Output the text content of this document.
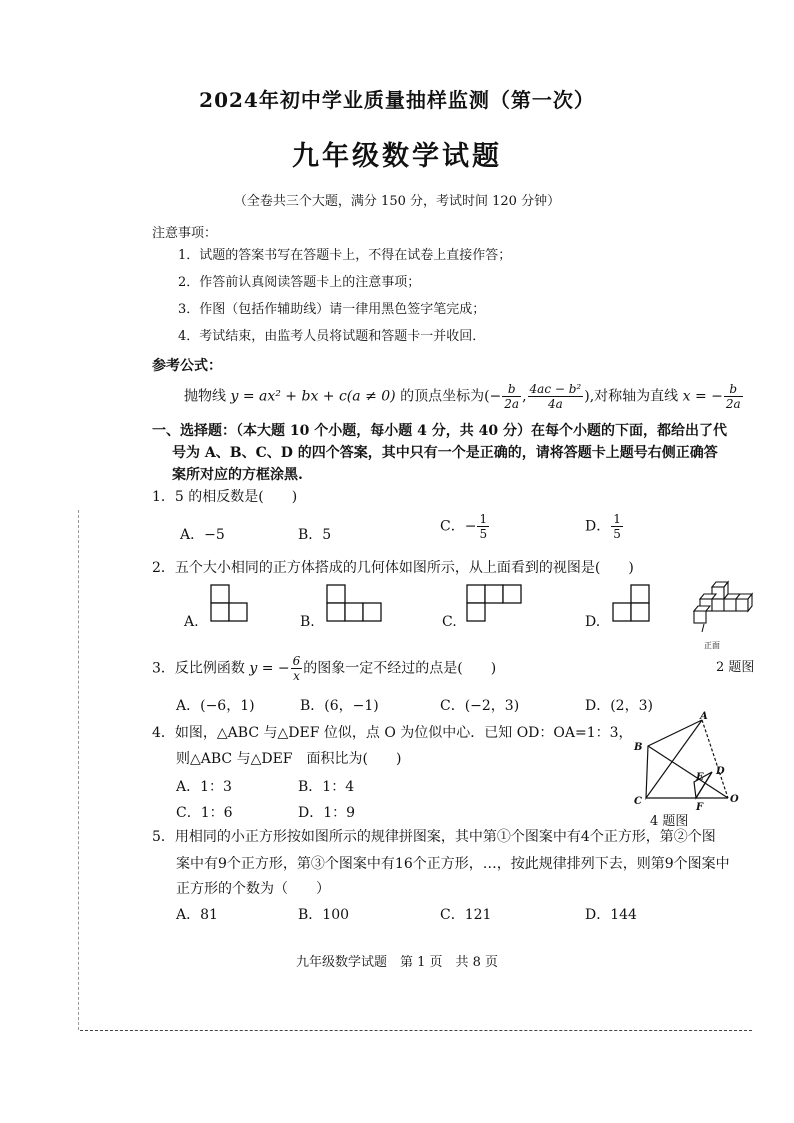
2024年初中学业质量抽样监测（第一次）
九年级数学试题
（全卷共三个大题，满分 150 分，考试时间 120 分钟）
注意事项：
1．试题的答案书写在答题卡上，不得在试卷上直接作答；
2．作答前认真阅读答题卡上的注意事项；
3．作图（包括作辅助线）请一律用黑色签字笔完成；
4．考试结束，由监考人员将试题和答题卡一并收回．
参考公式：
抛物线 y = ax² + bx + c(a ≠ 0) 的顶点坐标为(− $\frac{b}{2a}$ , $\frac{\text{4ac − b²}}{4a}$ ),对称轴为直线 x = − $\frac{b}{2a}$
一、选择题：（本大题 10 个小题，每小题 4 分，共 40 分）在每个小题的下面，都给出了代
号为 A、B、C、D 的四个答案，其中只有一个是正确的，请将答题卡上题号右侧正确答
案所对应的方框涂黑.
1．5 的相反数是(　　)
A．−5	B．5
C．− $\frac{1}{5}$	D． $\frac{1}{5}$
2．五个大小相同的正方体搭成的几何体如图所示，从上面看到的视图是(　　)
A.	B.	C.	D.
正面
2 题图
3．反比例函数 y = − $\frac{6}{x}$ 的图象一定不经过的点是(　　)
A．(−6，1)	B．(6，−1)	C．(−2，3)	D．(2，3)
4．如图，△ABC 与△DEF 位似，点 O 为位似中心．已知 OD：OA=1：3，
则△ABC 与△DEF　面积比为(　　)
A．1：3	B．1：4
C．1：6	D．1：9
A
B
C
D
E
F
O
4 题图
5．用相同的小正方形按如图所示的规律拼图案，其中第①个图案中有4个正方形，第②个图
案中有9个正方形，第③个图案中有16个正方形，…，按此规律排列下去，则第9个图案中
正方形的个数为（　　）
A．81	B．100	C．121	D．144
九年级数学试题　第 1 页　共 8 页
